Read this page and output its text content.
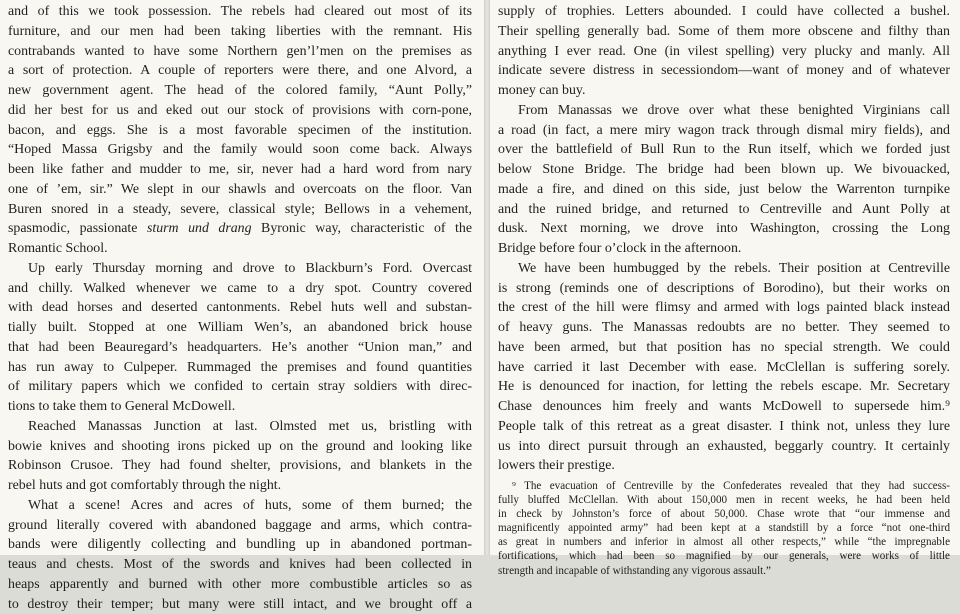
and of this we took possession. The rebels had cleared out most of its
furniture, and our men had been taking liberties with the remnant. His
contrabands wanted to have some Northern gen’l’men on the premises as
a sort of protection. A couple of reporters were there, and one Alvord, a
new government agent. The head of the colored family, “Aunt Polly,”
did her best for us and eked out our stock of provisions with corn-pone,
bacon, and eggs. She is a most favorable specimen of the institution.
“Hoped Massa Grigsby and the family would soon come back. Always
been like father and mudder to me, sir, never had a hard word from nary
one of ’em, sir.” We slept in our shawls and overcoats on the floor. Van
Buren snored in a steady, severe, classical style; Bellows in a vehement,
spasmodic, passionate sturm und drang Byronic way, characteristic of the
Romantic School.
Up early Thursday morning and drove to Blackburn’s Ford. Overcast
and chilly. Walked whenever we came to a dry spot. Country covered
with dead horses and deserted cantonments. Rebel huts well and substan-
tially built. Stopped at one William Wen’s, an abandoned brick house
that had been Beauregard’s headquarters. He’s another “Union man,” and
has run away to Culpeper. Rummaged the premises and found quantities
of military papers which we confided to certain stray soldiers with direc-
tions to take them to General McDowell.
Reached Manassas Junction at last. Olmsted met us, bristling with
bowie knives and shooting irons picked up on the ground and looking like
Robinson Crusoe. They had found shelter, provisions, and blankets in the
rebel huts and got comfortably through the night.
What a scene! Acres and acres of huts, some of them burned; the
ground literally covered with abandoned baggage and arms, which contra-
bands were diligently collecting and bundling up in abandoned portman-
teaus and chests. Most of the swords and knives had been collected in
heaps apparently and burned with other more combustible articles so as
to destroy their temper; but many were still intact, and we brought off a
supply of trophies. Letters abounded. I could have collected a bushel.
Their spelling generally bad. Some of them more obscene and filthy than
anything I ever read. One (in vilest spelling) very plucky and manly. All
indicate severe distress in secessiondom—want of money and of whatever
money can buy.
From Manassas we drove over what these benighted Virginians call
a road (in fact, a mere miry wagon track through dismal miry fields), and
over the battlefield of Bull Run to the Run itself, which we forded just
below Stone Bridge. The bridge had been blown up. We bivouacked,
made a fire, and dined on this side, just below the Warrenton turnpike
and the ruined bridge, and returned to Centreville and Aunt Polly at
dusk. Next morning, we drove into Washington, crossing the Long
Bridge before four o’clock in the afternoon.
We have been humbugged by the rebels. Their position at Centreville
is strong (reminds one of descriptions of Borodino), but their works on
the crest of the hill were flimsy and armed with logs painted black instead
of heavy guns. The Manassas redoubts are no better. They seemed to
have been armed, but that position has no special strength. We could
have carried it last December with ease. McClellan is suffering sorely.
He is denounced for inaction, for letting the rebels escape. Mr. Secretary
Chase denounces him freely and wants McDowell to supersede him.⁹
People talk of this retreat as a great disaster. I think not, unless they lure
us into direct pursuit through an exhausted, beggarly country. It certainly
lowers their prestige.
⁹ The evacuation of Centreville by the Confederates revealed that they had success-
fully bluffed McClellan. With about 150,000 men in recent weeks, he had been held
in check by Johnston’s force of about 50,000. Chase wrote that “our immense and
magnificently appointed army” had been kept at a standstill by a force “not one-third
as great in numbers and inferior in almost all other respects,” while “the impregnable
fortifications, which had been so magnified by our generals, were works of little
strength and incapable of withstanding any vigorous assault.”
